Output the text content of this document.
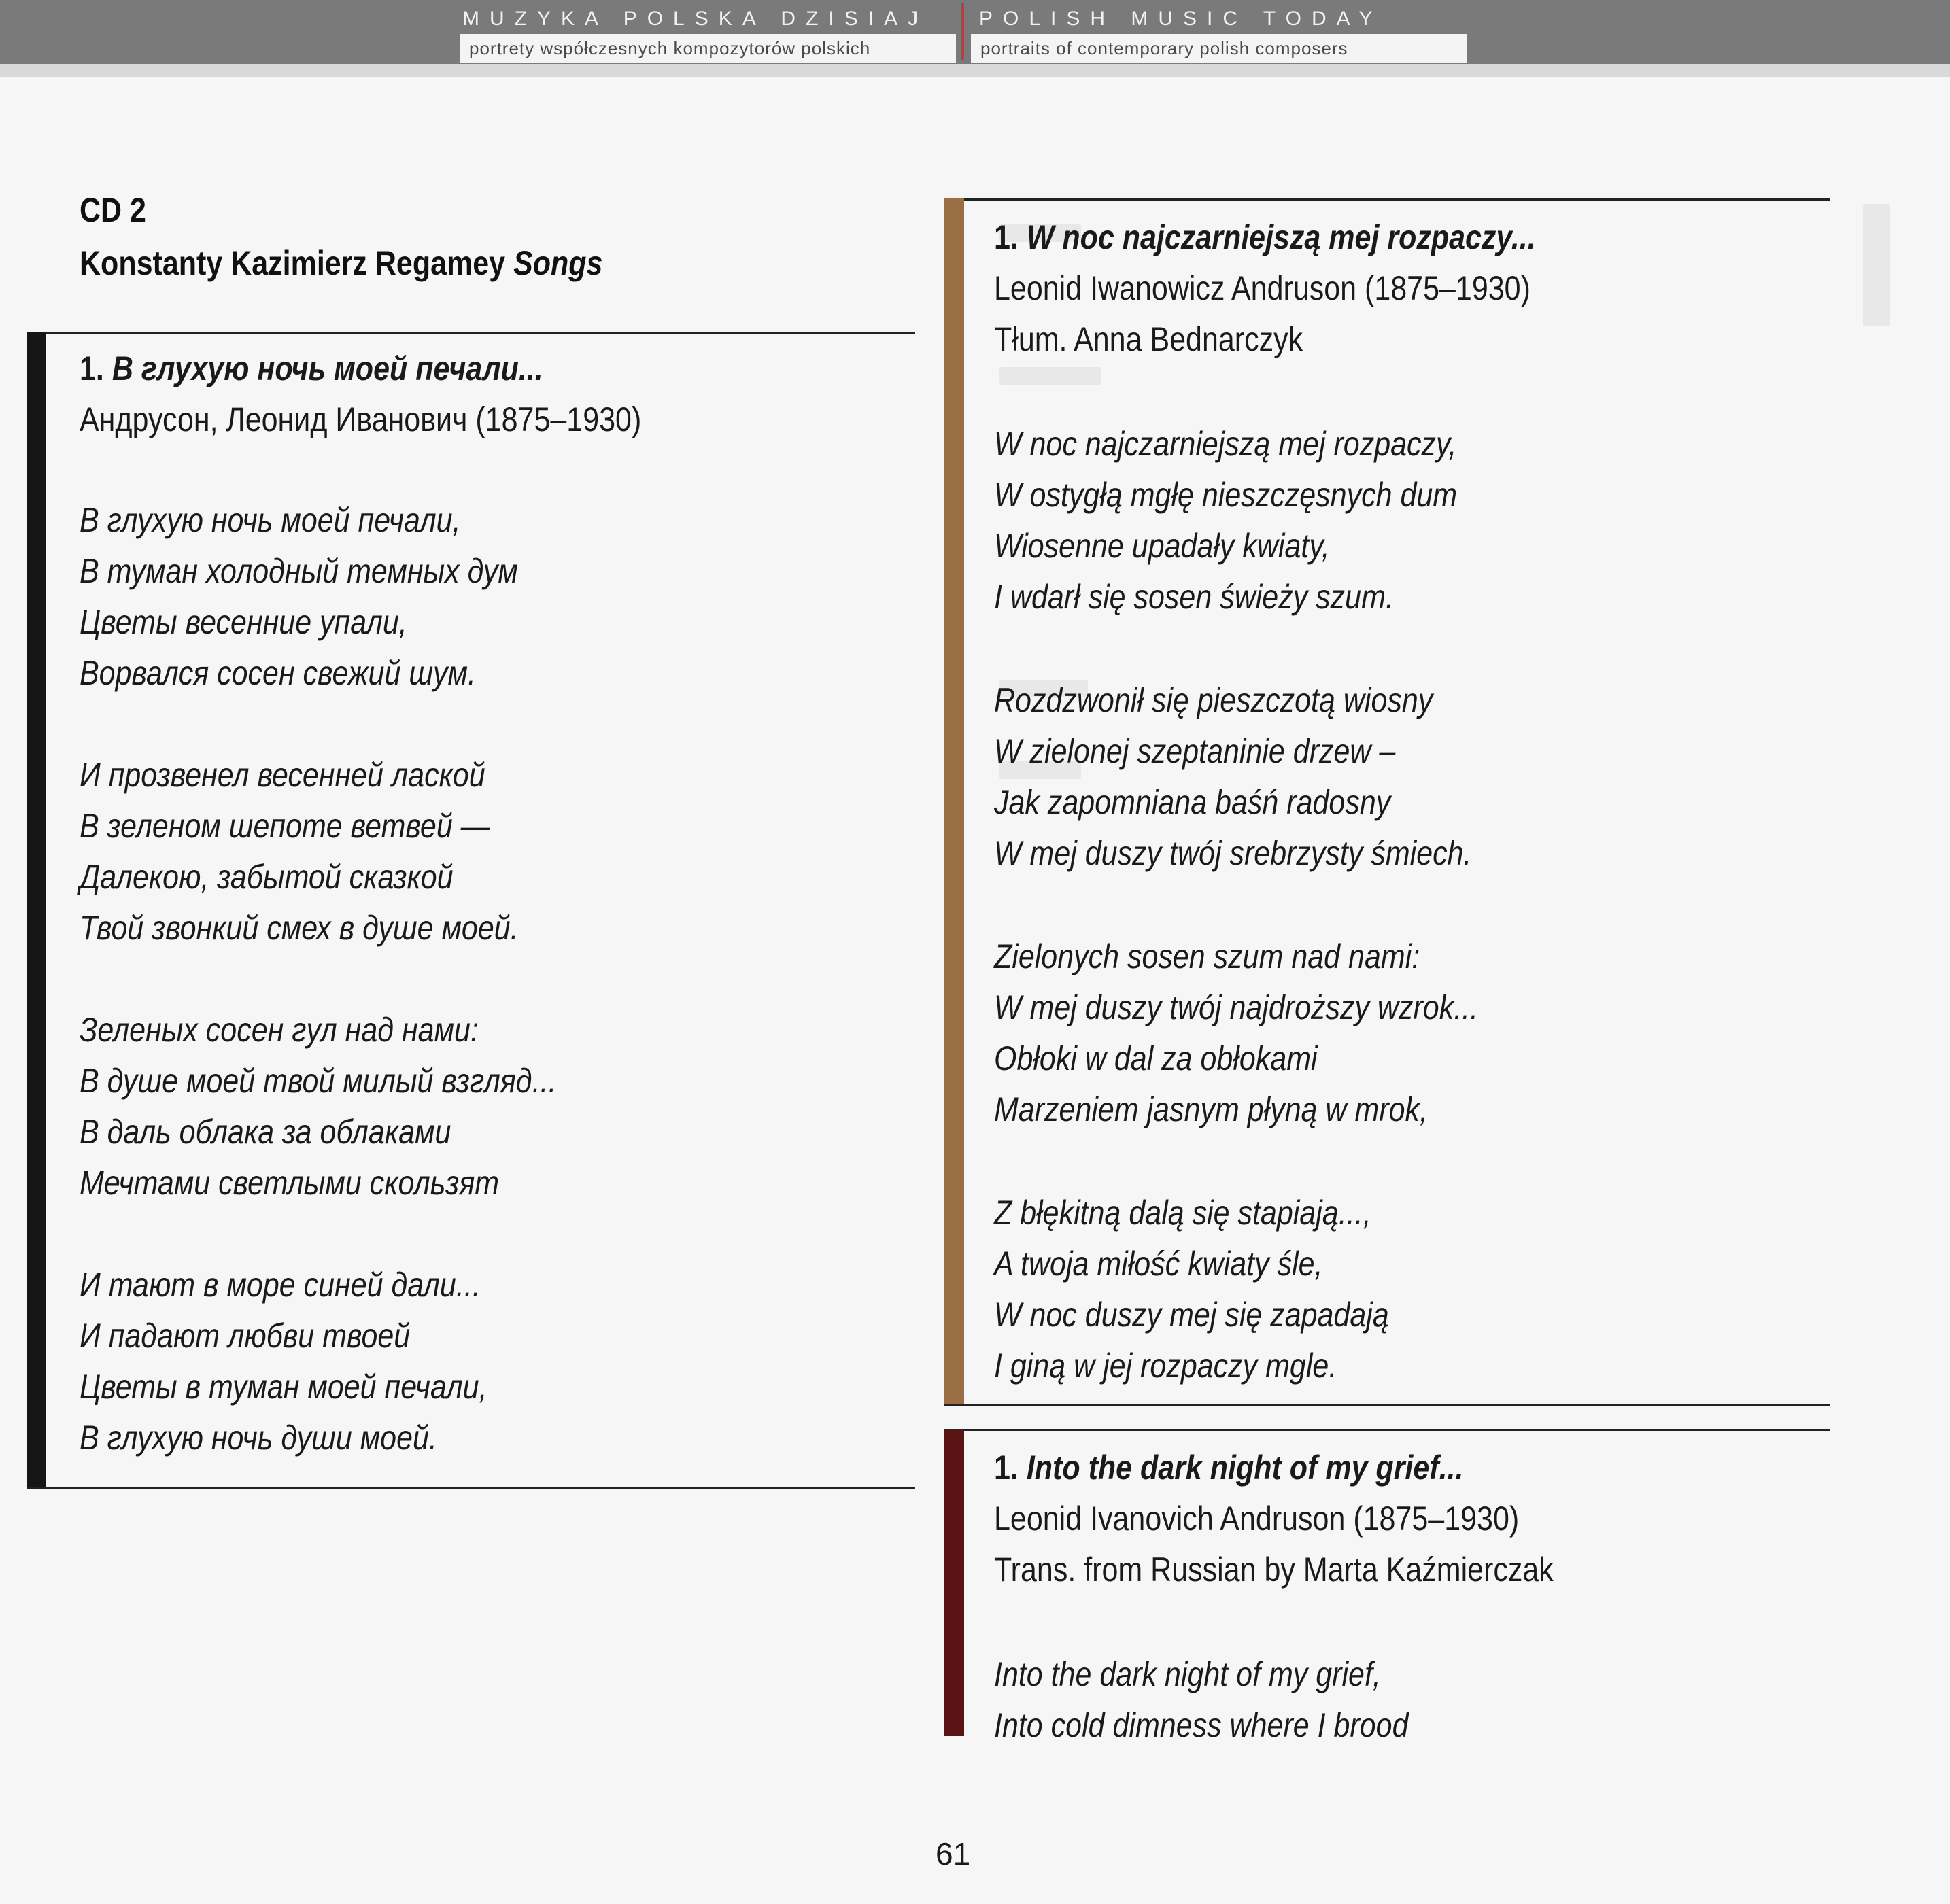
MUZYKA POLSKA DZISIAJ POLISH MUSIC TODAY
portrety współczesnych kompozytorów polskich	portraits of contemporary polish composers
CD 2
Konstanty Kazimierz Regamey Songs
1. В глухую ночь моей печали...
Андрусон, Леонид Иванович (1875–1930)
В глухую ночь моей печали,
В туман холодный темных дум
Цветы весенние упали,
Ворвался сосен свежий шум.
И прозвенел весенней лаской
В зеленом шепоте ветвей —
Далекою, забытой сказкой
Твой звонкий смех в душе моей.
Зеленых сосен гул над нами:
В душе моей твой милый взгляд...
В даль облака за облаками
Мечтами светлыми скользят
И тают в море синей дали...
И падают любви твоей
Цветы в туман моей печали,
В глухую ночь души моей.
1. W noc najczarniejszą mej rozpaczy...
Leonid Iwanowicz Andruson (1875–1930)
Tłum. Anna Bednarczyk
W noc najczarniejszą mej rozpaczy,
W ostygłą mgłę nieszczęsnych dum
Wiosenne upadały kwiaty,
I wdarł się sosen świeży szum.
Rozdzwonił się pieszczotą wiosny
W zielonej szeptaninie drzew –
Jak zapomniana baśń radosny
W mej duszy twój srebrzysty śmiech.
Zielonych sosen szum nad nami:
W mej duszy twój najdroższy wzrok...
Obłoki w dal za obłokami
Marzeniem jasnym płyną w mrok,
Z błękitną dalą się stapiają...,
A twoja miłość kwiaty śle,
W noc duszy mej się zapadają
I giną w jej rozpaczy mgle.
1. Into the dark night of my grief...
Leonid Ivanovich Andruson (1875–1930)
Trans. from Russian by Marta Kaźmierczak
Into the dark night of my grief,
Into cold dimness where I brood
61
